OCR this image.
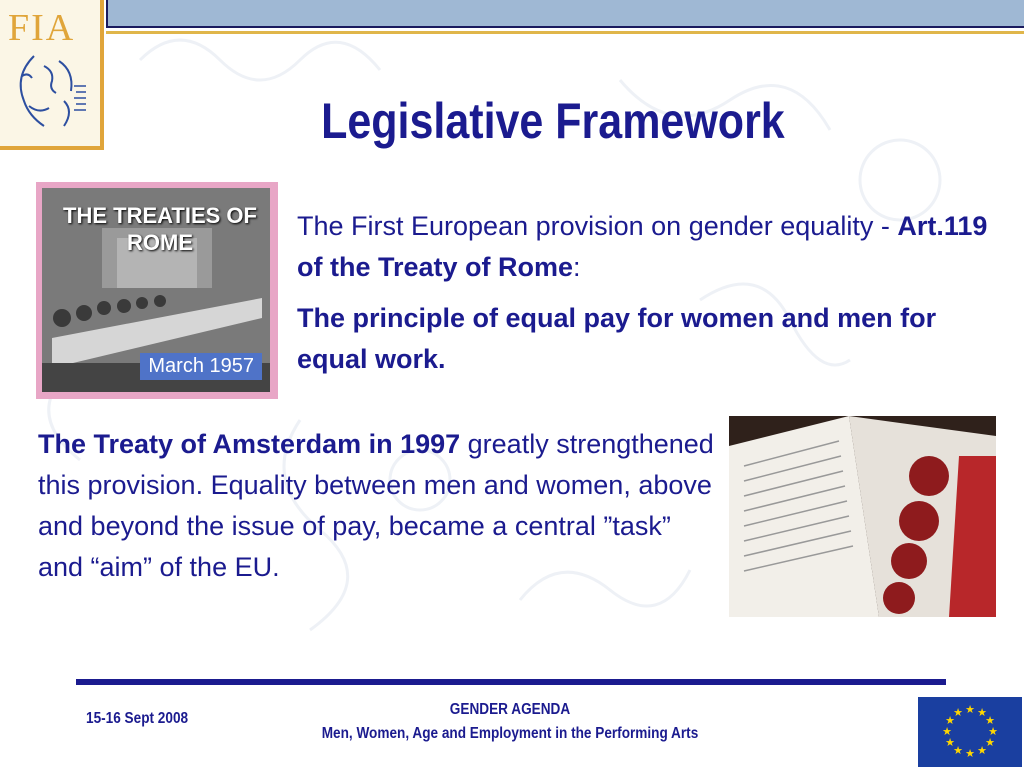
FIA
Legislative Framework
THE TREATIES OF ROME
March 1957

The First European provision on gender equality - Art.119 of the Treaty of Rome:

The principle of equal pay for women and men for equal work.

The Treaty of Amsterdam in 1997 greatly strengthened this provision. Equality between men and women, above and beyond the issue of pay, became a central ”task” and “aim” of the EU.
15-16 Sept 2008
GENDER AGENDA
Men, Women, Age and Employment in the Performing Arts
★ ★
★
★
★
★
★
★
★
★
★
★
